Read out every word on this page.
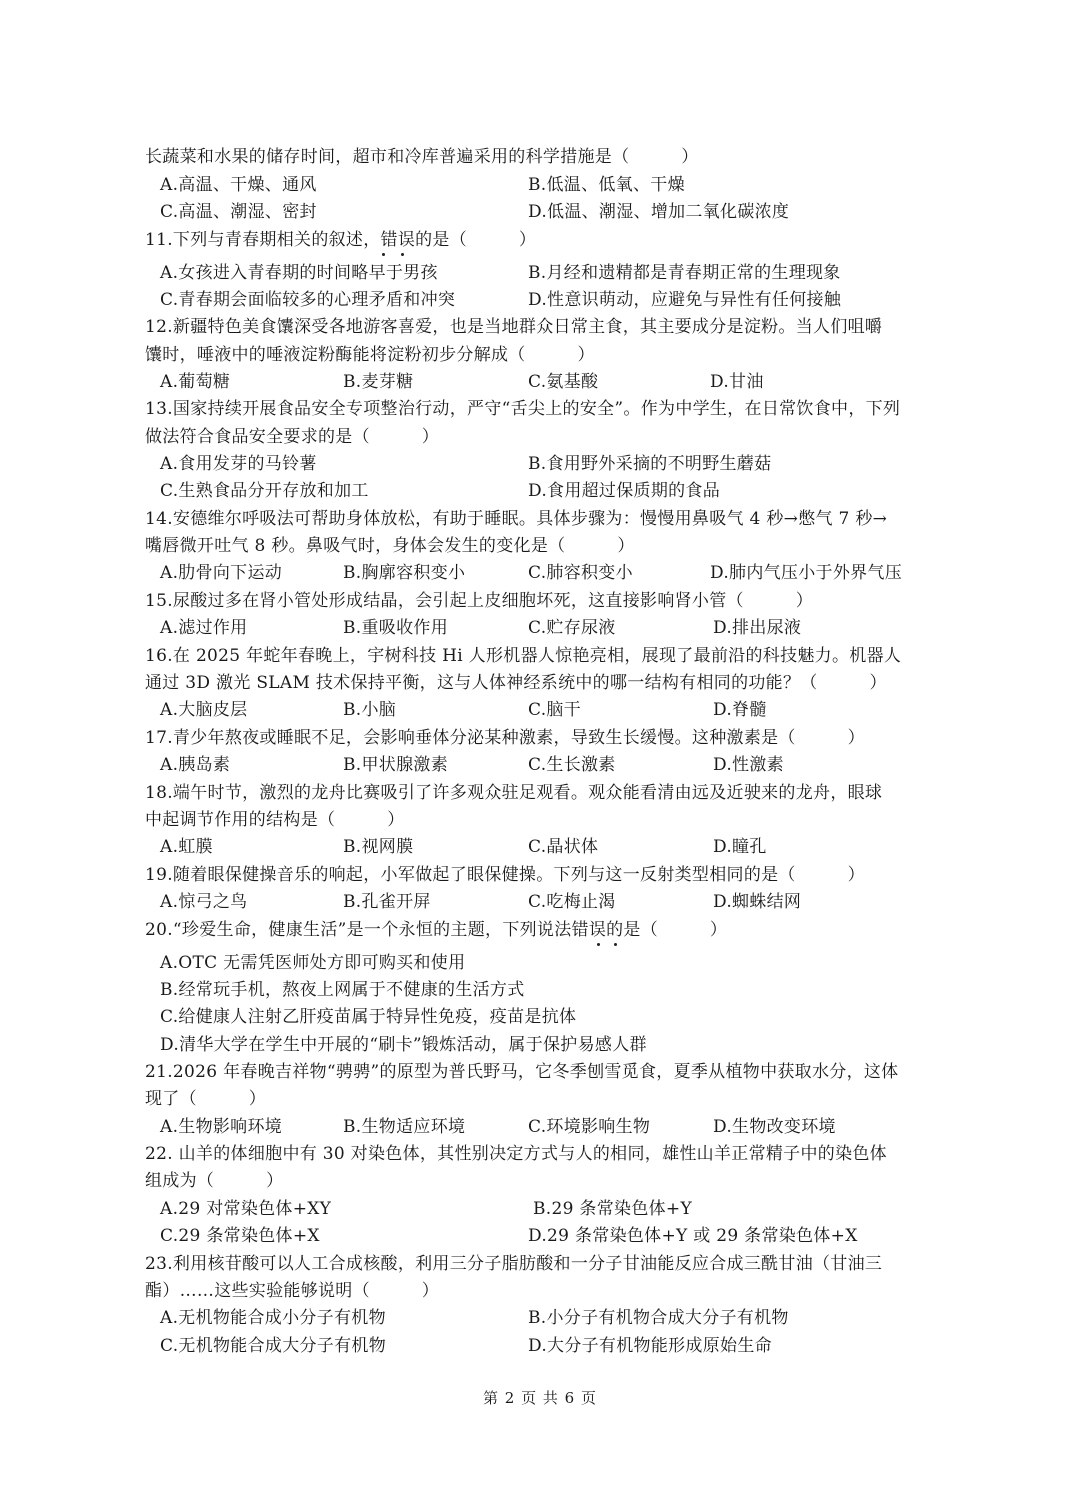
长蔬菜和水果的储存时间，超市和冷库普遍采用的科学措施是（　　　）
A.高温、干燥、通风	B.低温、低氧、干燥
C.高温、潮湿、密封	D.低温、潮湿、增加二氧化碳浓度
11.下列与青春期相关的叙述，错误的是（　　　）
A.女孩进入青春期的时间略早于男孩	B.月经和遗精都是青春期正常的生理现象
C.青春期会面临较多的心理矛盾和冲突	D.性意识萌动，应避免与异性有任何接触
12.新疆特色美食馕深受各地游客喜爱，也是当地群众日常主食，其主要成分是淀粉。当人们咀嚼
馕时，唾液中的唾液淀粉酶能将淀粉初步分解成（　　　）
A.葡萄糖	B.麦芽糖	C.氨基酸	D.甘油
13.国家持续开展食品安全专项整治行动，严守“舌尖上的安全”。作为中学生，在日常饮食中，下列
做法符合食品安全要求的是（　　　）
A.食用发芽的马铃薯	B.食用野外采摘的不明野生蘑菇
C.生熟食品分开存放和加工	D.食用超过保质期的食品
14.安德维尔呼吸法可帮助身体放松，有助于睡眠。具体步骤为：慢慢用鼻吸气 4 秒→憋气 7 秒→
嘴唇微开吐气 8 秒。鼻吸气时，身体会发生的变化是（　　　）
A.肋骨向下运动	B.胸廓容积变小	C.肺容积变小	D.肺内气压小于外界气压
15.尿酸过多在肾小管处形成结晶，会引起上皮细胞坏死，这直接影响肾小管（　　　）
A.滤过作用	B.重吸收作用	C.贮存尿液	D.排出尿液
16.在 2025 年蛇年春晚上，宇树科技 Hi 人形机器人惊艳亮相，展现了最前沿的科技魅力。机器人
通过 3D 激光 SLAM 技术保持平衡，这与人体神经系统中的哪一结构有相同的功能？（　　　）
A.大脑皮层	B.小脑	C.脑干	D.脊髓
17.青少年熬夜或睡眠不足，会影响垂体分泌某种激素，导致生长缓慢。这种激素是（　　　）
A.胰岛素	B.甲状腺激素	C.生长激素	D.性激素
18.端午时节，激烈的龙舟比赛吸引了许多观众驻足观看。观众能看清由远及近驶来的龙舟，眼球
中起调节作用的结构是（　　　）
A.虹膜	B.视网膜	C.晶状体	D.瞳孔
19.随着眼保健操音乐的响起，小军做起了眼保健操。下列与这一反射类型相同的是（　　　）
A.惊弓之鸟	B.孔雀开屏	C.吃梅止渴	D.蜘蛛结网
20.“珍爱生命，健康生活”是一个永恒的主题，下列说法错误的是（　　　）
A.OTC 无需凭医师处方即可购买和使用
B.经常玩手机，熬夜上网属于不健康的生活方式
C.给健康人注射乙肝疫苗属于特异性免疫，疫苗是抗体
D.清华大学在学生中开展的“刷卡”锻炼活动，属于保护易感人群
21.2026 年春晚吉祥物“骋骋”的原型为普氏野马，它冬季刨雪觅食，夏季从植物中获取水分，这体
现了（　　　）
A.生物影响环境	B.生物适应环境	C.环境影响生物	D.生物改变环境
22. 山羊的体细胞中有 30 对染色体，其性别决定方式与人的相同，雄性山羊正常精子中的染色体
组成为（　　　）
A.29 对常染色体+XY	B.29 条常染色体+Y
C.29 条常染色体+X	D.29 条常染色体+Y 或 29 条常染色体+X
23.利用核苷酸可以人工合成核酸，利用三分子脂肪酸和一分子甘油能反应合成三酰甘油（甘油三
酯）……这些实验能够说明（　　　）
A.无机物能合成小分子有机物	B.小分子有机物合成大分子有机物
C.无机物能合成大分子有机物	D.大分子有机物能形成原始生命
第 2 页 共 6 页
